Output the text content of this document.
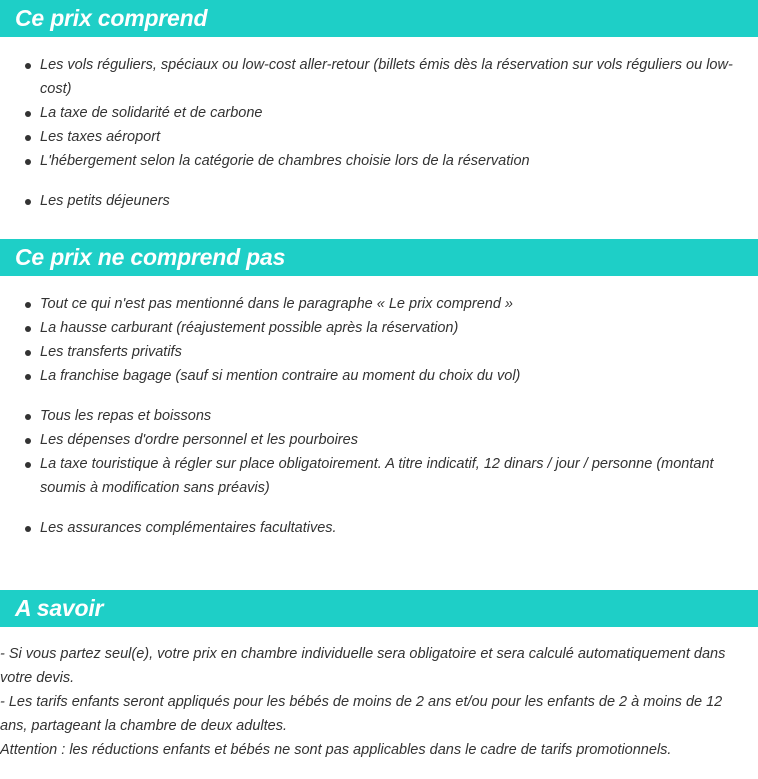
Ce prix comprend
Les vols réguliers, spéciaux ou low-cost aller-retour (billets émis dès la réservation sur vols réguliers ou low-cost)
La taxe de solidarité et de carbone
Les taxes aéroport
L'hébergement selon la catégorie de chambres choisie lors de la réservation
Les petits déjeuners
Ce prix ne comprend pas
Tout ce qui n'est pas mentionné dans le paragraphe « Le prix comprend »
La hausse carburant (réajustement possible après la réservation)
Les transferts privatifs
La franchise bagage (sauf si mention contraire au moment du choix du vol)
Tous les repas et boissons
Les dépenses d'ordre personnel et les pourboires
La taxe touristique à régler sur place obligatoirement. A titre indicatif, 12 dinars / jour / personne (montant soumis à modification sans préavis)
Les assurances complémentaires facultatives.
A savoir

- Si vous partez seul(e), votre prix en chambre individuelle sera obligatoire et sera calculé automatiquement dans votre devis.

- Les tarifs enfants seront appliqués pour les bébés de moins de 2 ans et/ou pour les enfants de 2 à moins de 12 ans, partageant la chambre de deux adultes.

Attention : les réductions enfants et bébés ne sont pas applicables dans le cadre de tarifs promotionnels.
